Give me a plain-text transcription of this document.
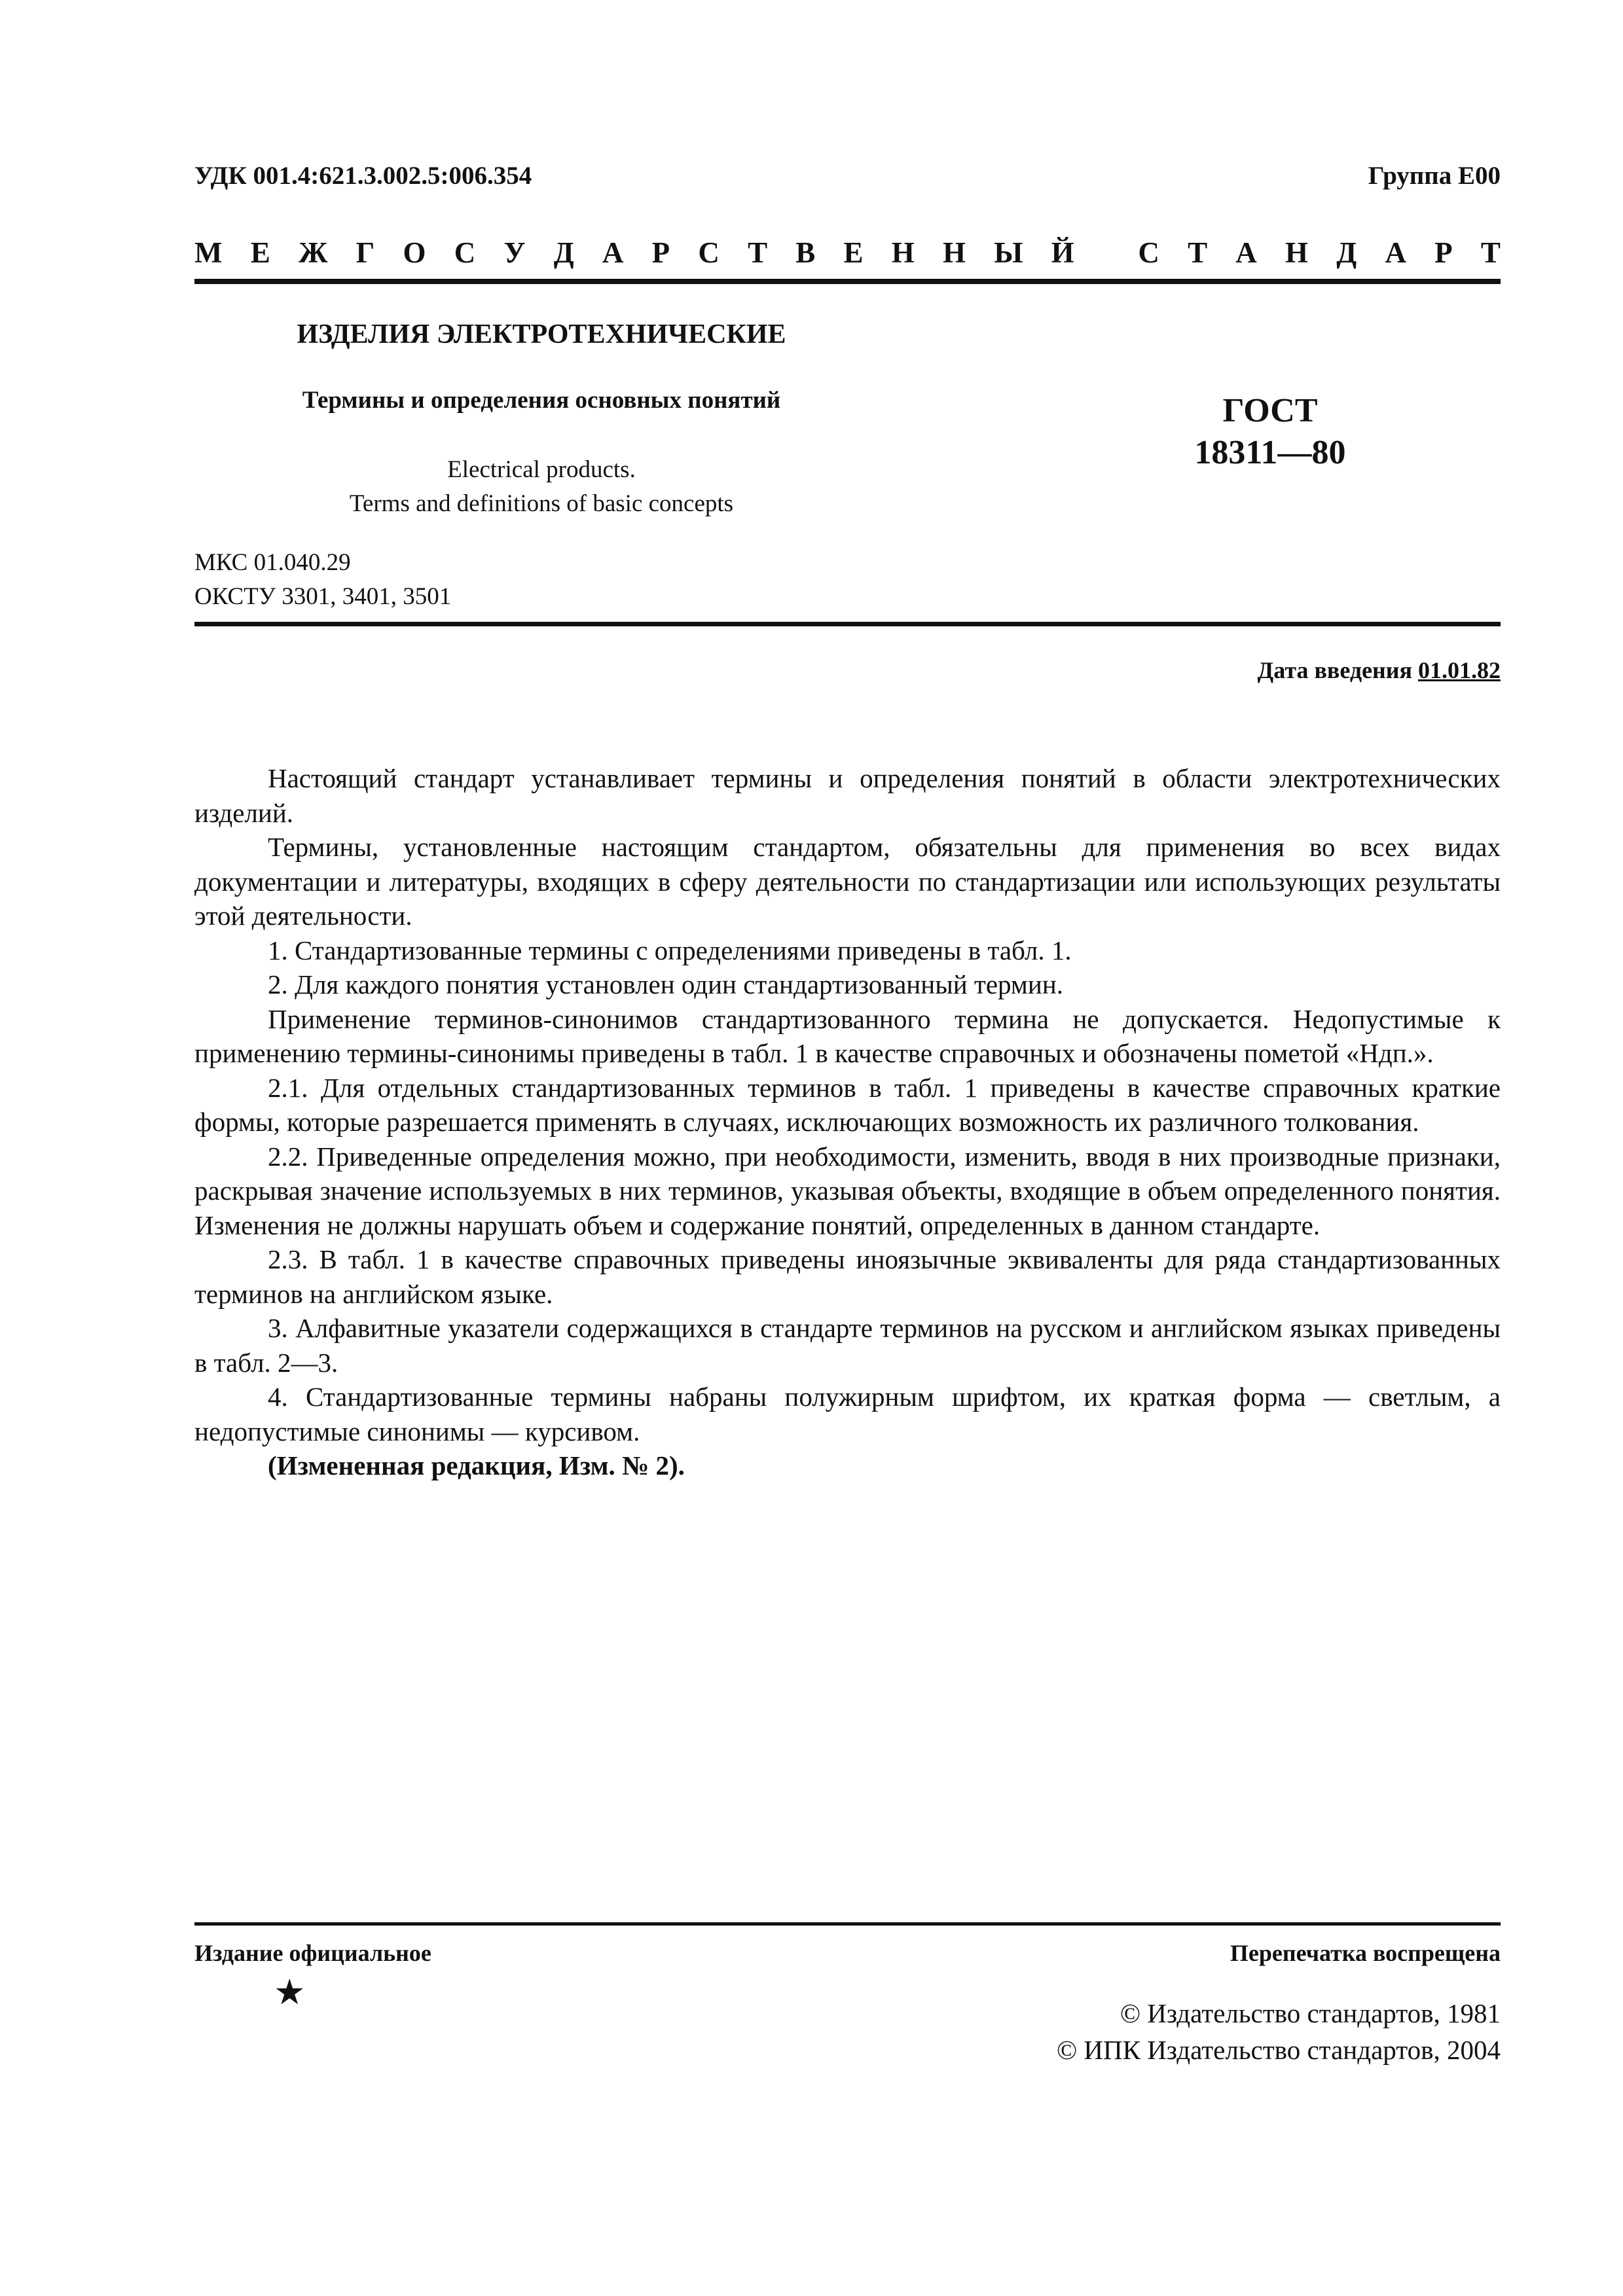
УДК 001.4:621.3.002.5:006.354	Группа Е00
М Е Ж Г О С У Д А Р С Т В Е Н Н Ы Й
С Т А Н Д А Р Т
ИЗДЕЛИЯ ЭЛЕКТРОТЕХНИЧЕСКИЕ
Термины и определения основных понятий
Electrical products.
Terms and definitions of basic concepts
ГОСТ
18311—80
МКС 01.040.29
ОКСТУ 3301, 3401, 3501
Дата введения 01.01.82

Настоящий стандарт устанавливает термины и определения понятий в области электротехнических изделий.

Термины, установленные настоящим стандартом, обязательны для применения во всех видах документации и литературы, входящих в сферу деятельности по стандартизации или использующих результаты этой деятельности.

1. Стандартизованные термины с определениями приведены в табл. 1.

2. Для каждого понятия установлен один стандартизованный термин.

Применение терминов-синонимов стандартизованного термина не допускается. Недопустимые к применению термины-синонимы приведены в табл. 1 в качестве справочных и обозначены пометой «Ндп.».

2.1. Для отдельных стандартизованных терминов в табл. 1 приведены в качестве справочных краткие формы, которые разрешается применять в случаях, исключающих возможность их различного толкования.

2.2. Приведенные определения можно, при необходимости, изменить, вводя в них производные признаки, раскрывая значение используемых в них терминов, указывая объекты, входящие в объем определенного понятия. Изменения не должны нарушать объем и содержание понятий, определенных в данном стандарте.

2.3. В табл. 1 в качестве справочных приведены иноязычные эквиваленты для ряда стандартизованных терминов на английском языке.

3. Алфавитные указатели содержащихся в стандарте терминов на русском и английском языках приведены в табл. 2—3.

4. Стандартизованные термины набраны полужирным шрифтом, их краткая форма — светлым, а недопустимые синонимы — курсивом.

(Измененная редакция, Изм. № 2).

Издание официальное	Перепечатка воспрещена
★
© Издательство стандартов, 1981
© ИПК Издательство стандартов, 2004
